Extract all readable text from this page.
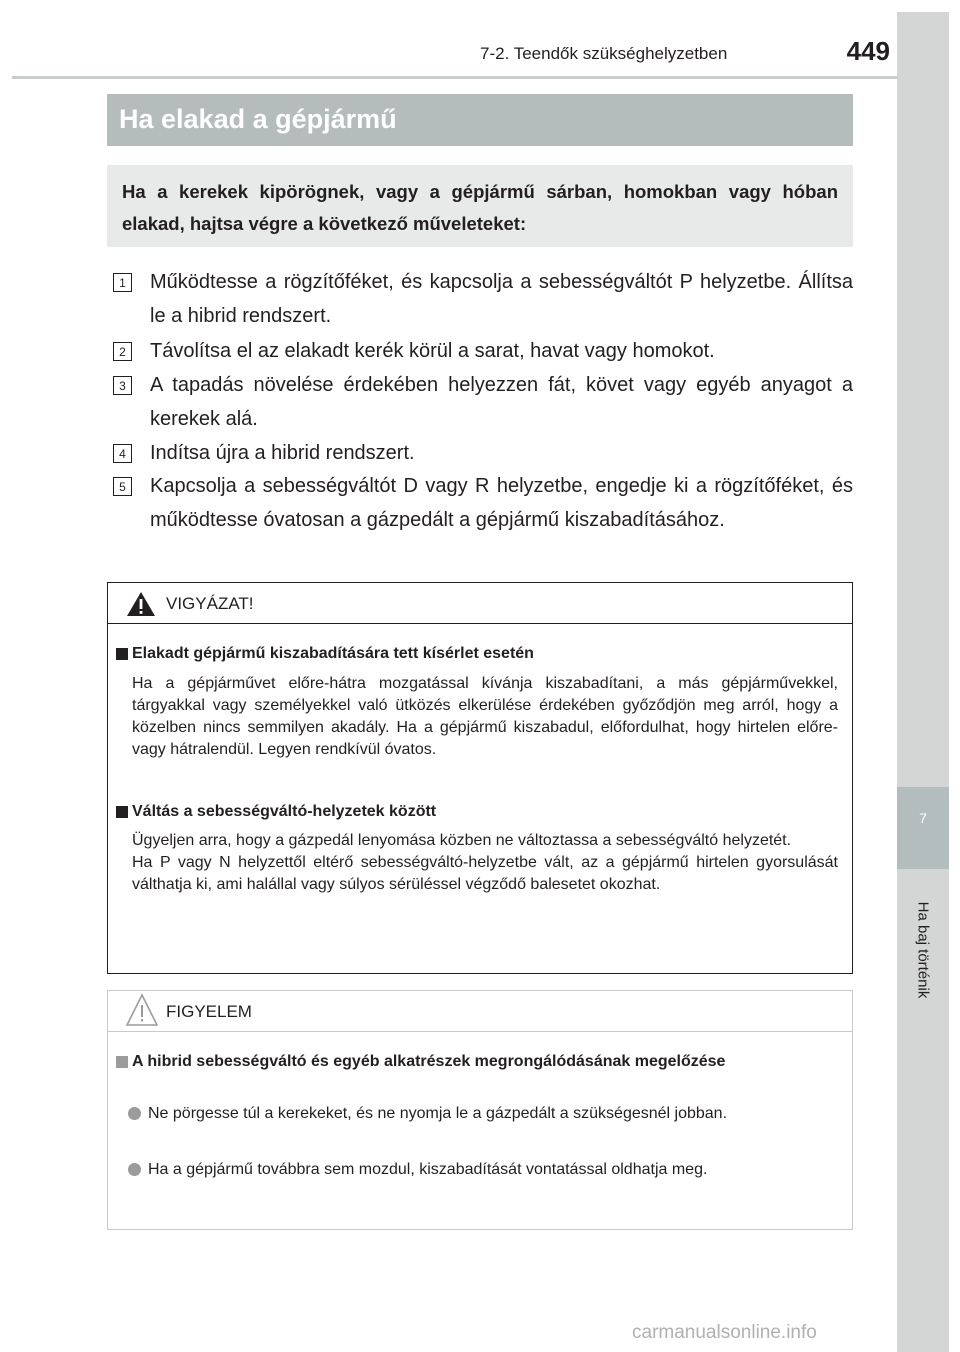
7
Ha baj történik
7-2. Teendők szükséghelyzetben	449
Ha elakad a gépjármű

Ha a kerekek kipörögnek, vagy a gépjármű sárban, homokban vagy hóban elakad, hajtsa végre a következő műveleteket:

1	Működtesse a rögzítőféket, és kapcsolja a sebességváltót P helyzetbe. Állítsa le a hibrid rendszert.
2	Távolítsa el az elakadt kerék körül a sarat, havat vagy homokot.
3	A tapadás növelése érdekében helyezzen fát, követ vagy egyéb anyagot a kerekek alá.
4	Indítsa újra a hibrid rendszert.
5	Kapcsolja a sebességváltót D vagy R helyzetbe, engedje ki a rögzítőféket, és működtesse óvatosan a gázpedált a gépjármű kiszabadításához.
VIGYÁZAT!
Elakadt gépjármű kiszabadítására tett kísérlet esetén

Ha a gépjárművet előre-hátra mozgatással kívánja kiszabadítani, a más gépjárművekkel, tárgyakkal vagy személyekkel való ütközés elkerülése érdekében győződjön meg arról, hogy a közelben nincs semmilyen akadály. Ha a gépjármű kiszabadul, előfordulhat, hogy hirtelen előre- vagy hátralendül. Legyen rendkívül óvatos.

Váltás a sebességváltó-helyzetek között

Ügyeljen arra, hogy a gázpedál lenyomása közben ne változtassa a sebességváltó helyzetét.

Ha P vagy N helyzettől eltérő sebességváltó-helyzetbe vált, az a gépjármű hirtelen gyorsulását válthatja ki, ami halállal vagy súlyos sérüléssel végződő balesetet okozhat.

FIGYELEM
A hibrid sebességváltó és egyéb alkatrészek megrongálódásának megelőzése
Ne pörgesse túl a kerekeket, és ne nyomja le a gázpedált a szükségesnél jobban.
Ha a gépjármű továbbra sem mozdul, kiszabadítását vontatással oldhatja meg.
carmanualsonline.info
